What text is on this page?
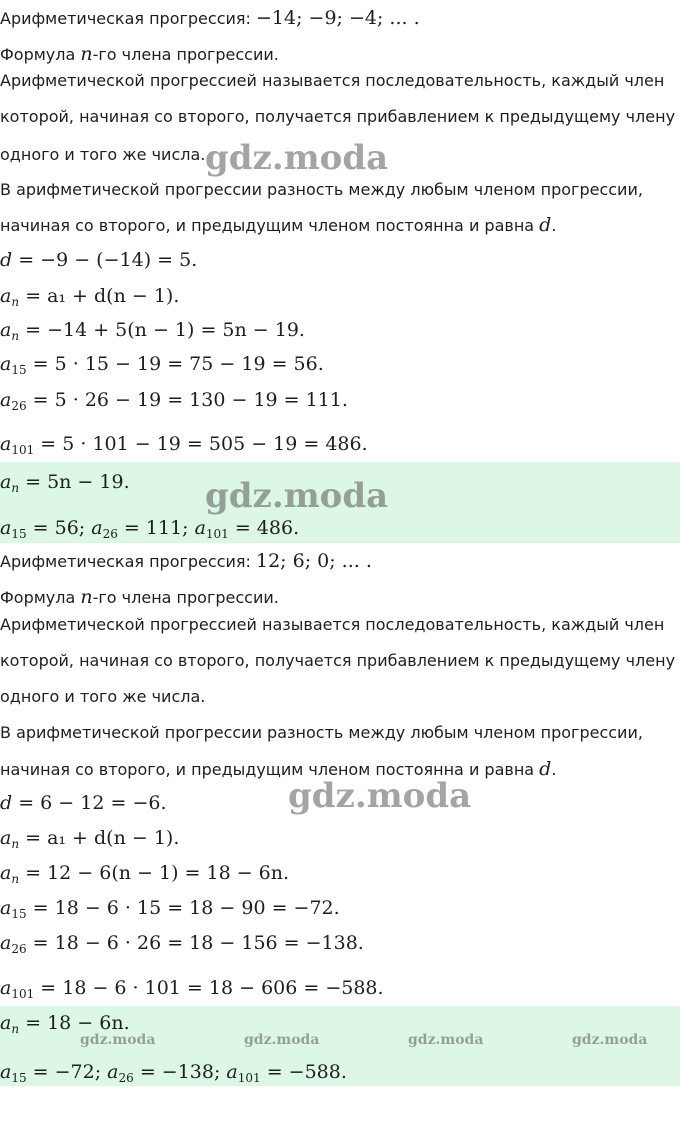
Арифметическая прогрессия: −14; −9; −4; ... .
Формула n-го члена прогрессии.
Арифметической прогрессией называется последовательность, каждый член
которой, начиная со второго, получается прибавлением к предыдущему члену
одного и того же числа.
В арифметической прогрессии разность между любым членом прогрессии,
начиная со второго, и предыдущим членом постоянна и равна d.
d = −9 − (−14) = 5.
$a_n = a_1 + d(n - 1)$.
$a_n = -14 + 5(n - 1) = 5n - 19$.
$a_{15} = 5 \cdot 15 - 19 = 75 - 19 = 56$.
$a_{26} = 5 \cdot 26 - 19 = 130 - 19 = 111$.
$a_{101} = 5 \cdot 101 - 19 = 505 - 19 = 486$.
$a_n = 5n - 19$.
$a_{15} = 56$; $a_{26} = 111$; $a_{101} = 486$.
Арифметическая прогрессия: 12; 6; 0; ... .
Формула n-го члена прогрессии.
Арифметической прогрессией называется последовательность, каждый член
которой, начиная со второго, получается прибавлением к предыдущему члену
одного и того же числа.
В арифметической прогрессии разность между любым членом прогрессии,
начиная со второго, и предыдущим членом постоянна и равна d.
d = 6 − 12 = −6.
$a_n = a_1 + d(n - 1)$.
$a_n = 12 - 6(n - 1) = 18 - 6n$.
$a_{15} = 18 - 6 \cdot 15 = 18 - 90 = -72$.
$a_{26} = 18 - 6 \cdot 26 = 18 - 156 = -138$.
$a_{101} = 18 - 6 \cdot 101 = 18 - 606 = -588$.
$a_n = 18 - 6n$.
$a_{15} = -72$; $a_{26} = -138$; $a_{101} = -588$.
gdz.moda
gdz.moda
gdz.moda
gdz.moda	gdz.moda	gdz.moda	gdz.moda
